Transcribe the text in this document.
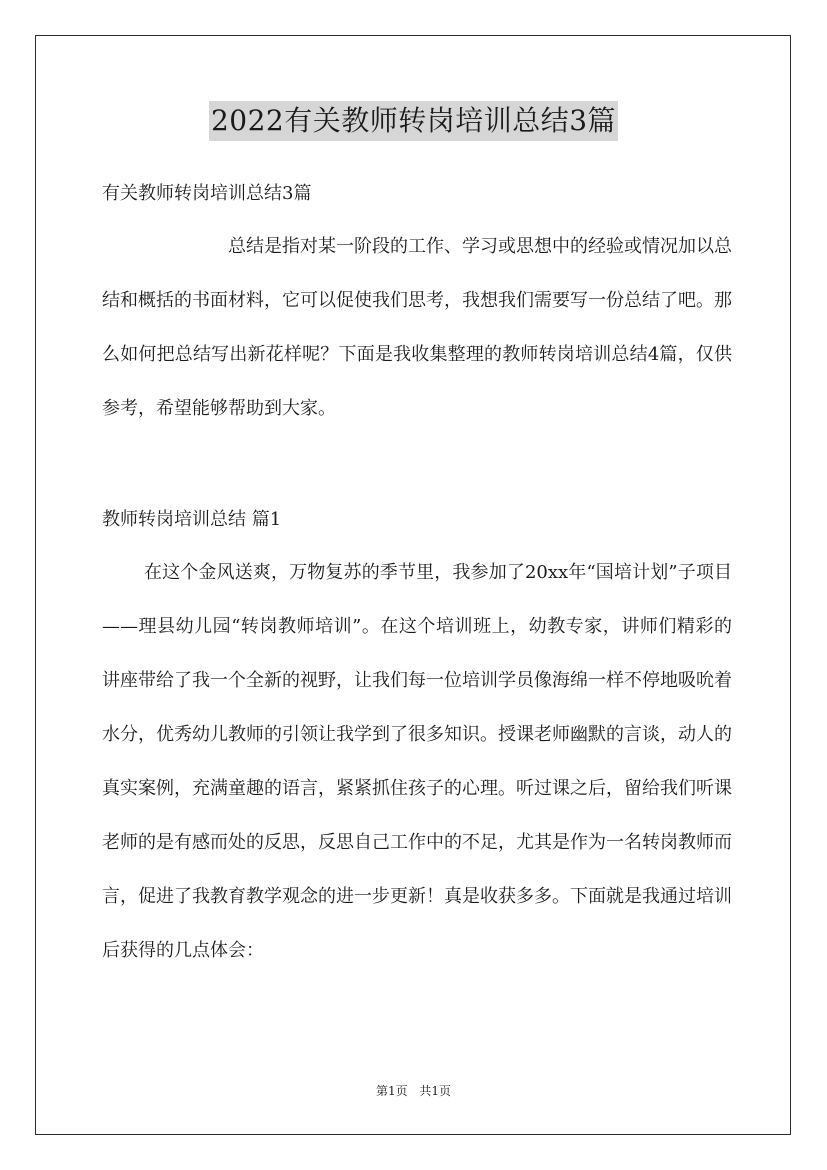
2022有关教师转岗培训总结3篇

有关教师转岗培训总结3篇

总结是指对某一阶段的工作、学习或思想中的经验或情况加以总结和概括的书面材料，它可以促使我们思考，我想我们需要写一份总结了吧。那么如何把总结写出新花样呢？下面是我收集整理的教师转岗培训总结4篇，仅供参考，希望能够帮助到大家。

教师转岗培训总结 篇1

在这个金风送爽，万物复苏的季节里，我参加了20xx年“国培计划”子项目——理县幼儿园“转岗教师培训”。在这个培训班上，幼教专家，讲师们精彩的讲座带给了我一个全新的视野，让我们每一位培训学员像海绵一样不停地吸吮着水分，优秀幼儿教师的引领让我学到了很多知识。授课老师幽默的言谈，动人的真实案例，充满童趣的语言，紧紧抓住孩子的心理。听过课之后，留给我们听课老师的是有感而处的反思，反思自己工作中的不足，尤其是作为一名转岗教师而言，促进了我教育教学观念的进一步更新！真是收获多多。下面就是我通过培训后获得的几点体会：

第1页 共1页
